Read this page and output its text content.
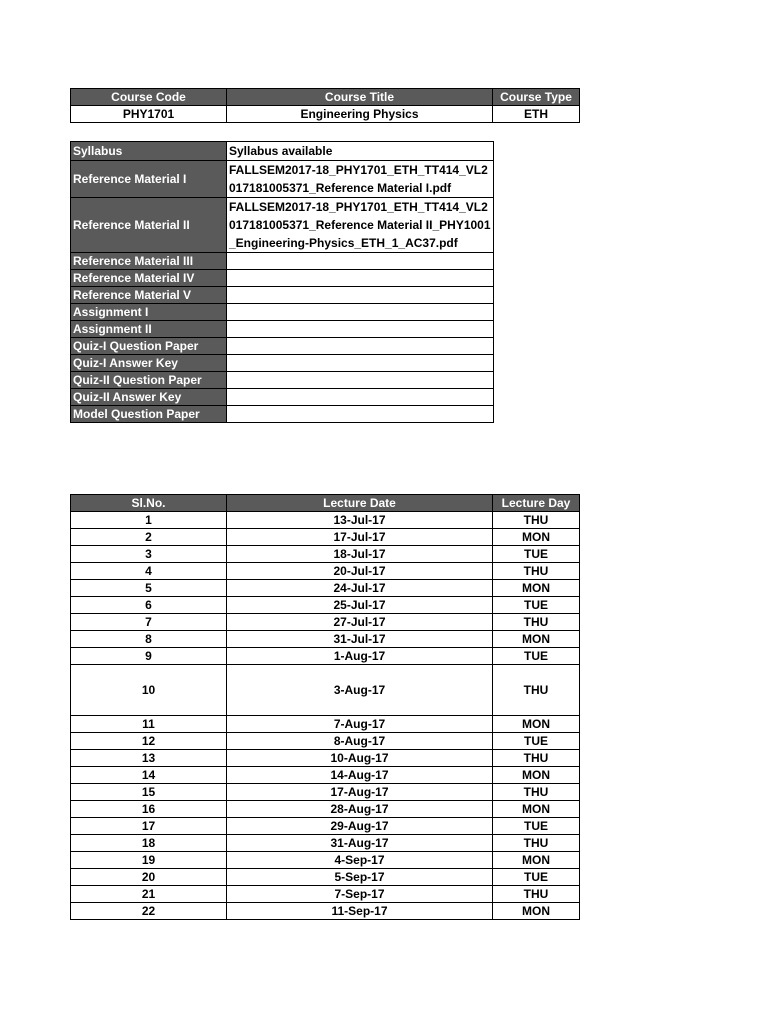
Course Code	Course Title	Course Type
PHY1701	Engineering Physics	ETH
Syllabus	Syllabus available
Reference Material I	FALLSEM2017-18_PHY1701_ETH_TT414_VL2017181005371_Reference Material I.pdf
Reference Material II	FALLSEM2017-18_PHY1701_ETH_TT414_VL2017181005371_Reference Material II_PHY1001_Engineering-Physics_ETH_1_AC37.pdf
Reference Material III	
Reference Material IV	
Reference Material V	
Assignment I	
Assignment II	
Quiz-I Question Paper	
Quiz-I Answer Key	
Quiz-II Question Paper	
Quiz-II Answer Key	
Model Question Paper	
Sl.No.	Lecture Date	Lecture Day
1	13-Jul-17	THU
2	17-Jul-17	MON
3	18-Jul-17	TUE
4	20-Jul-17	THU
5	24-Jul-17	MON
6	25-Jul-17	TUE
7	27-Jul-17	THU
8	31-Jul-17	MON
9	1-Aug-17	TUE
10	3-Aug-17	THU
11	7-Aug-17	MON
12	8-Aug-17	TUE
13	10-Aug-17	THU
14	14-Aug-17	MON
15	17-Aug-17	THU
16	28-Aug-17	MON
17	29-Aug-17	TUE
18	31-Aug-17	THU
19	4-Sep-17	MON
20	5-Sep-17	TUE
21	7-Sep-17	THU
22	11-Sep-17	MON
